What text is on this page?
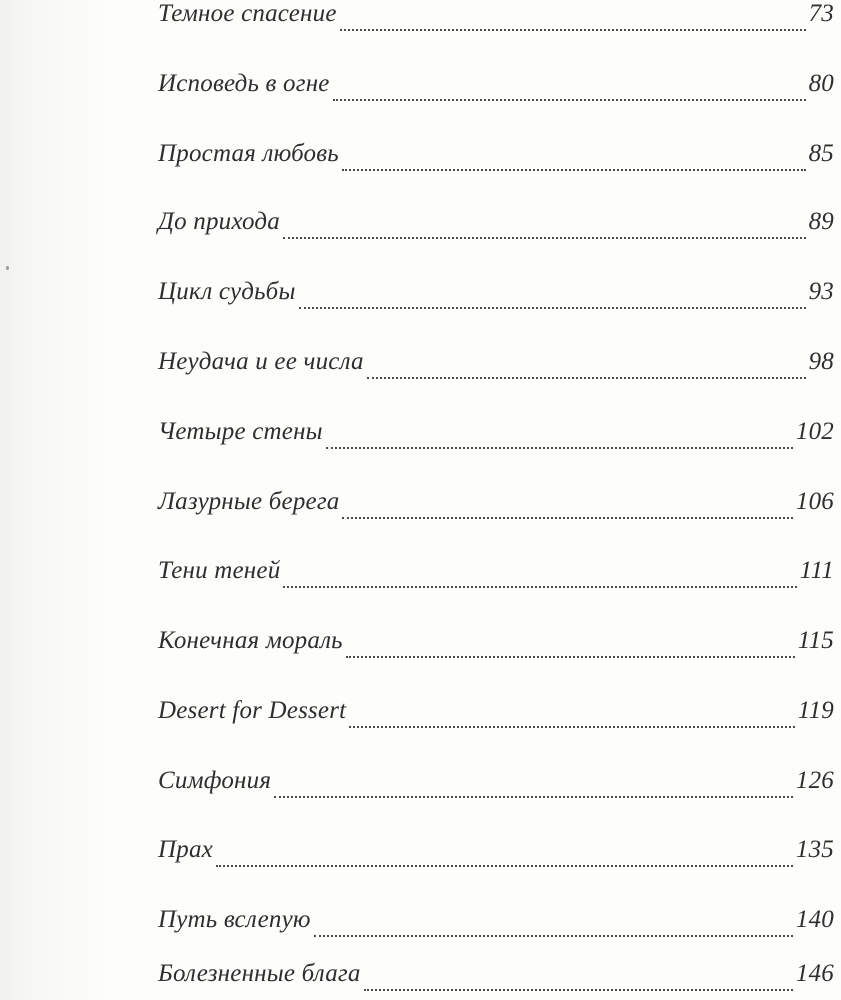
Темное спасение	73
Исповедь в огне	80
Простая любовь	85
До прихода	89
Цикл судьбы	93
Неудача и ее числа	98
Четыре стены	102
Лазурные берега	106
Тени теней	111
Конечная мораль	115
Desert for Dessert	119
Симфония	126
Прах	135
Путь вслепую	140
Болезненные блага	146
